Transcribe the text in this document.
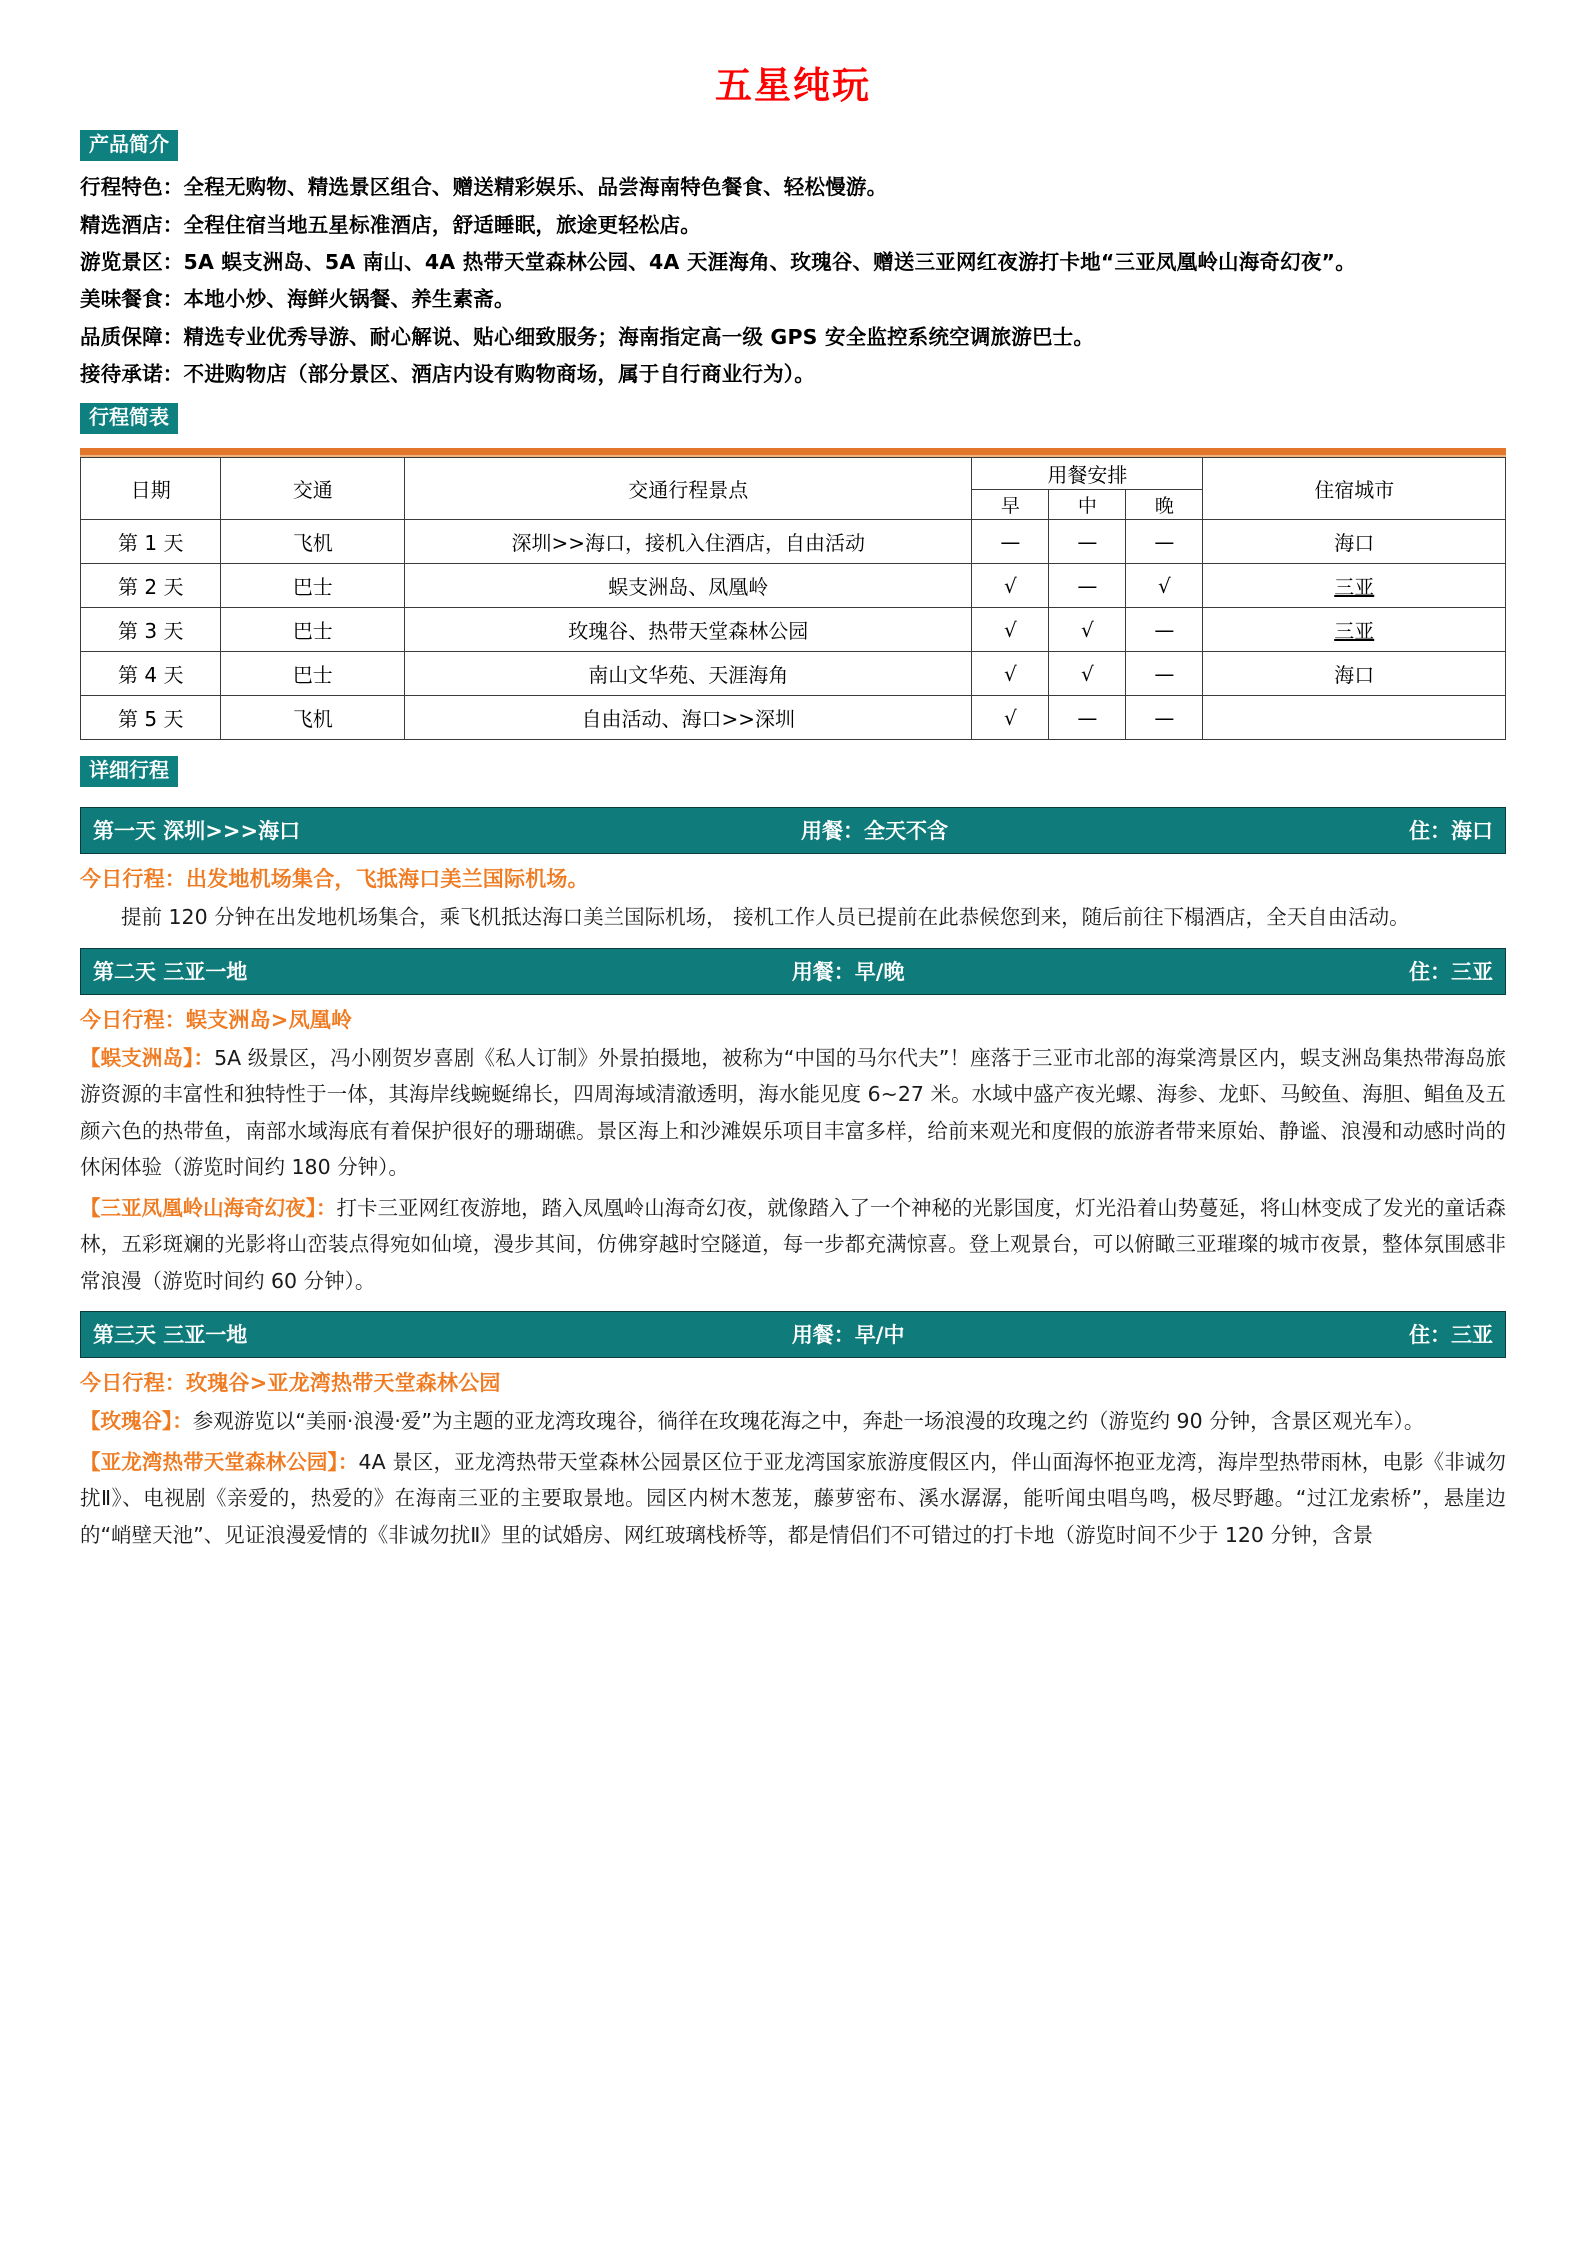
五星纯玩
产品简介
行程特色：全程无购物、精选景区组合、赠送精彩娱乐、品尝海南特色餐食、轻松慢游。
精选酒店：全程住宿当地五星标准酒店，舒适睡眠，旅途更轻松店。
游览景区：5A 蜈支洲岛、5A 南山、4A 热带天堂森林公园、4A 天涯海角、玫瑰谷、赠送三亚网红夜游打卡地“三亚凤凰岭山海奇幻夜”。
美味餐食：本地小炒、海鲜火锅餐、养生素斋。
品质保障：精选专业优秀导游、耐心解说、贴心细致服务；海南指定高一级 GPS 安全监控系统空调旅游巴士。
接待承诺：不进购物店（部分景区、酒店内设有购物商场，属于自行商业行为）。
行程简表
日期	交通	交通行程景点	用餐安排			住宿城市
			早	中	晚	
第 1 天	飞机	深圳>>海口，接机入住酒店，自由活动	—	—	—	海口
第 2 天	巴士	蜈支洲岛、凤凰岭	√	—	√	三亚
第 3 天	巴士	玫瑰谷、热带天堂森林公园	√	√	—	三亚
第 4 天	巴士	南山文华苑、天涯海角	√	√	—	海口
第 5 天	飞机	自由活动、海口>>深圳	√	—	—	
详细行程
第一天 深圳>>>海口	用餐：全天不含	住：海口
今日行程：出发地机场集合，飞抵海口美兰国际机场。
提前 120 分钟在出发地机场集合，乘飞机抵达海口美兰国际机场， 接机工作人员已提前在此恭候您到来，随后前往下榻酒店，全天自由活动。
第二天 三亚一地	用餐：早/晚	住：三亚
今日行程：蜈支洲岛>凤凰岭
【蜈支洲岛】：5A 级景区，冯小刚贺岁喜剧《私人订制》外景拍摄地，被称为“中国的马尔代夫”！座落于三亚市北部的海棠湾景区内，蜈支洲岛集热带海岛旅游资源的丰富性和独特性于一体，其海岸线蜿蜒绵长，四周海域清澈透明，海水能见度 6~27 米。水域中盛产夜光螺、海参、龙虾、马鲛鱼、海胆、鲳鱼及五颜六色的热带鱼，南部水域海底有着保护很好的珊瑚礁。景区海上和沙滩娱乐项目丰富多样，给前来观光和度假的旅游者带来原始、静谧、浪漫和动感时尚的休闲体验（游览时间约 180 分钟）。
【三亚凤凰岭山海奇幻夜】：打卡三亚网红夜游地，踏入凤凰岭山海奇幻夜，就像踏入了一个神秘的光影国度，灯光沿着山势蔓延，将山林变成了发光的童话森林，五彩斑斓的光影将山峦装点得宛如仙境，漫步其间，仿佛穿越时空隧道，每一步都充满惊喜。登上观景台，可以俯瞰三亚璀璨的城市夜景，整体氛围感非常浪漫（游览时间约 60 分钟）。
第三天 三亚一地	用餐：早/中	住：三亚
今日行程：玫瑰谷>亚龙湾热带天堂森林公园
【玫瑰谷】：参观游览以“美丽·浪漫·爱”为主题的亚龙湾玫瑰谷，徜徉在玫瑰花海之中，奔赴一场浪漫的玫瑰之约（游览约 90 分钟，含景区观光车）。
【亚龙湾热带天堂森林公园】：4A 景区，亚龙湾热带天堂森林公园景区位于亚龙湾国家旅游度假区内，伴山面海怀抱亚龙湾，海岸型热带雨林，电影《非诚勿扰Ⅱ》、电视剧《亲爱的，热爱的》在海南三亚的主要取景地。园区内树木葱茏，藤萝密布、溪水潺潺，能听闻虫唱鸟鸣，极尽野趣。“过江龙索桥”，悬崖边的“峭壁天池”、见证浪漫爱情的《非诚勿扰Ⅱ》里的试婚房、网红玻璃栈桥等，都是情侣们不可错过的打卡地（游览时间不少于 120 分钟，含景
